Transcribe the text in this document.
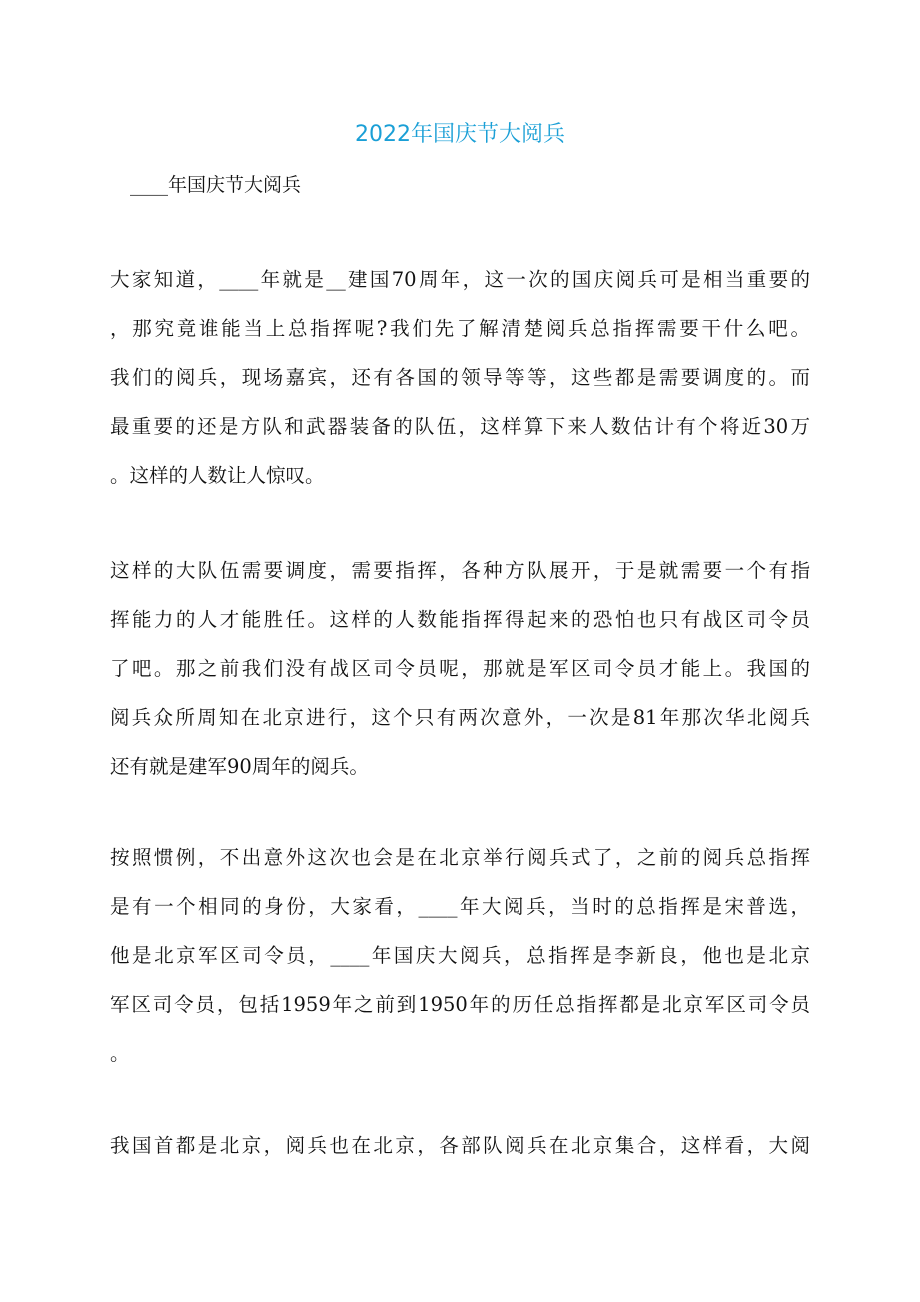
2022年国庆节大阅兵

____年国庆节大阅兵

大家知道，____年就是__建国70周年，这一次的国庆阅兵可是相当重要的
，那究竟谁能当上总指挥呢?我们先了解清楚阅兵总指挥需要干什么吧。
我们的阅兵，现场嘉宾，还有各国的领导等等，这些都是需要调度的。而
最重要的还是方队和武器装备的队伍，这样算下来人数估计有个将近30万
。这样的人数让人惊叹。
这样的大队伍需要调度，需要指挥，各种方队展开，于是就需要一个有指
挥能力的人才能胜任。这样的人数能指挥得起来的恐怕也只有战区司令员
了吧。那之前我们没有战区司令员呢，那就是军区司令员才能上。我国的
阅兵众所周知在北京进行，这个只有两次意外，一次是81年那次华北阅兵
还有就是建军90周年的阅兵。
按照惯例，不出意外这次也会是在北京举行阅兵式了，之前的阅兵总指挥
是有一个相同的身份，大家看，____年大阅兵，当时的总指挥是宋普选，
他是北京军区司令员，____年国庆大阅兵，总指挥是李新良，他也是北京
军区司令员，包括1959年之前到1950年的历任总指挥都是北京军区司令员
。
我国首都是北京，阅兵也在北京，各部队阅兵在北京集合，这样看，大阅
